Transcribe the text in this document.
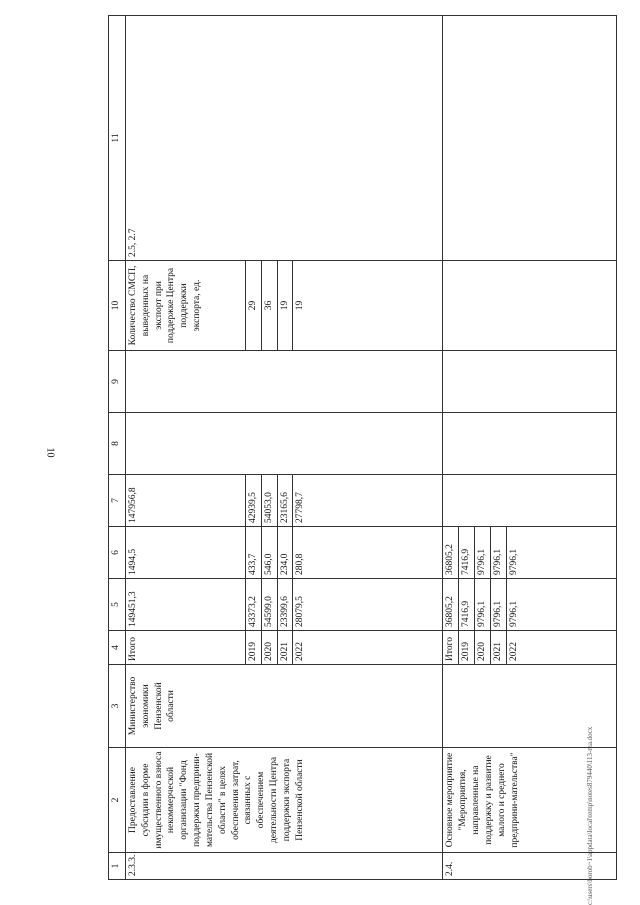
10
c:\users\borob~1\appdata\local\temp\notes879440\113-ma.docx
1	2	3	4	5	6	7	8	9	10	11
2.3.3.	Предоставление субсидии в форме имущественного взноса некоммерческой организации "Фонд поддержки предприни-мательства Пензенской области" в целях обеспечения затрат, связанных с обеспечением деятельности Центра поддержки экспорта Пензенской области	Министерство экономики Пензенской области	Итого	149451,3	1494,5	147956,8			Количество СМСП, выведенных на экспорт при поддержке Центра поддержки экспорта, ед.	2.5, 2.7
			2019	43373,2	433,7	42939,5			29	
			2020	54599,0	546,0	54053,0			36	
			2021	23399,6	234,0	23165,6			19	
			2022	28079,5	280,8	27798,7			19	
2.4.	Основное мероприятие "Мероприятия, направленные на поддержку и развитие малого и среднего предприни-мательства"		Итого	36805,2	36805,2					
			2019	7416,9	7416,9					
			2020	9796,1	9796,1					
			2021	9796,1	9796,1					
			2022	9796,1	9796,1					
